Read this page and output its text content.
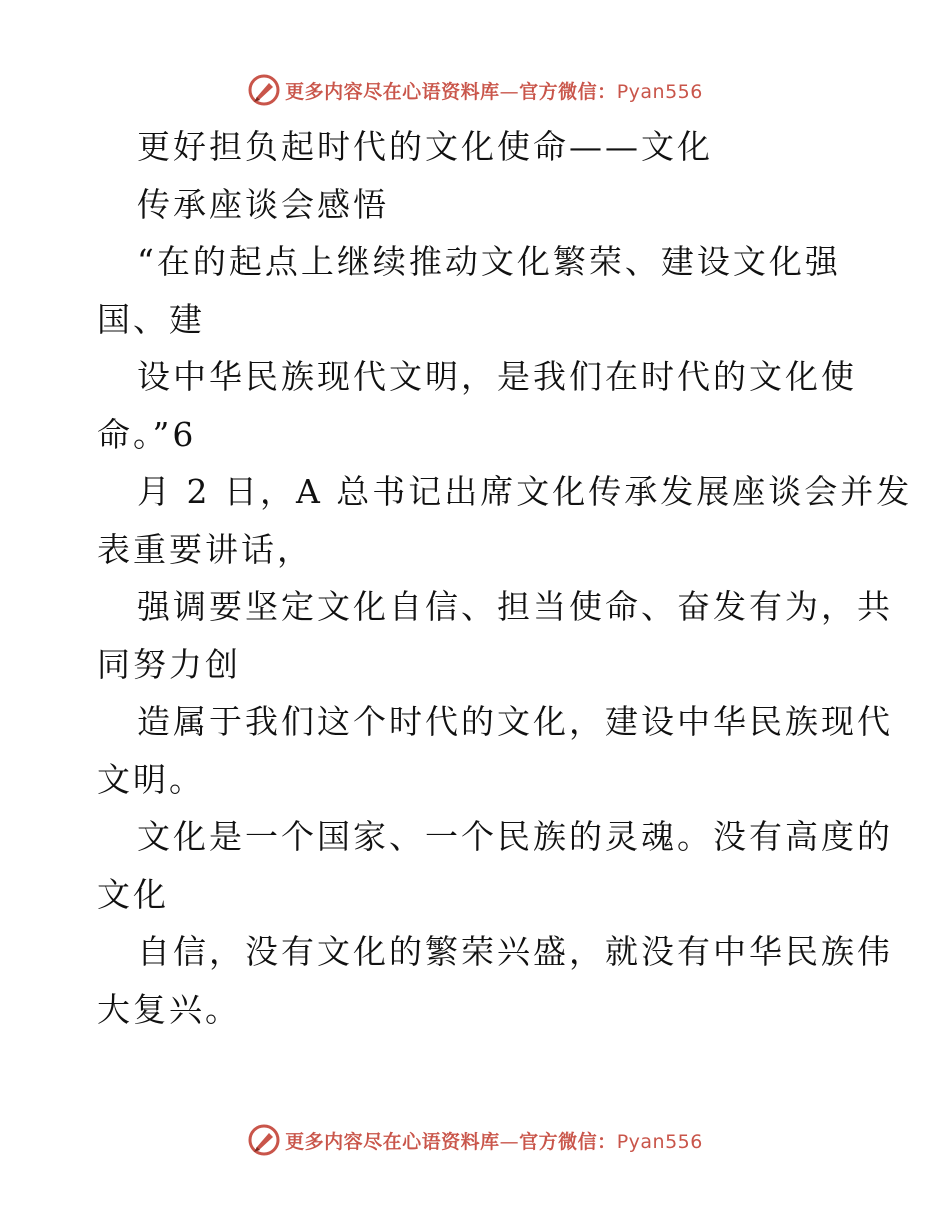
更多内容尽在心语资料库—官方微信：Pyan556
更好担负起时代的文化使命——文化
传承座谈会感悟
“在的起点上继续推动文化繁荣、建设文化强
国、建
设中华民族现代文明，是我们在时代的文化使
命。”6
月 2 日，A 总书记出席文化传承发展座谈会并发
表重要讲话，
强调要坚定文化自信、担当使命、奋发有为，共
同努力创
造属于我们这个时代的文化，建设中华民族现代
文明。
文化是一个国家、一个民族的灵魂。没有高度的
文化
自信，没有文化的繁荣兴盛，就没有中华民族伟
大复兴。
更多内容尽在心语资料库—官方微信：Pyan556
